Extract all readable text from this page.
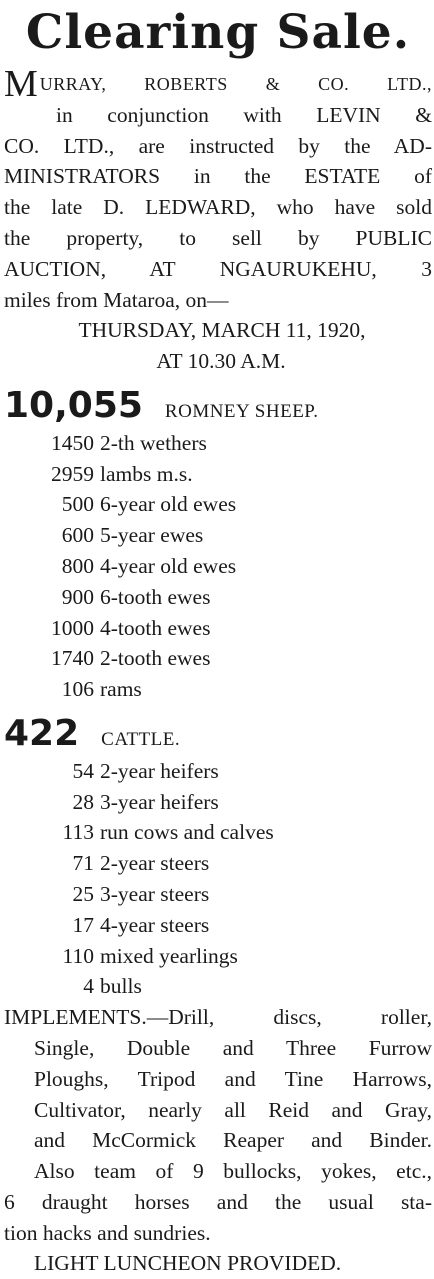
Clearing Sale.

MURRAY, ROBERTS & CO. LTD.,
in conjunction with LEVIN &
CO. LTD., are instructed by the AD-
MINISTRATORS in the ESTATE of
the late D. LEDWARD, who have sold
the property, to sell by PUBLIC
AUCTION, AT NGAURUKEHU, 3
miles from Mataroa, on—

THURSDAY, MARCH 11, 1920,
AT 10.30 A.M.

10,055 ROMNEY SHEEP.
1450 2-th wethers
2959 lambs m.s.
500 6-year old ewes
600 5-year ewes
800 4-year old ewes
900 6-tooth ewes
1000 4-tooth ewes
1740 2-tooth ewes
106 rams
422 CATTLE.
54 2-year heifers
28 3-year heifers
113 run cows and calves
71 2-year steers
25 3-year steers
17 4-year steers
110 mixed yearlings
4 bulls

IMPLEMENTS.—Drill, discs, roller,
Single, Double and Three Furrow
Ploughs, Tripod and Tine Harrows,
Cultivator, nearly all Reid and Gray,
and McCormick Reaper and Binder.
Also team of 9 bullocks, yokes, etc.,
6 draught horses and the usual sta-
tion hacks and sundries.

LIGHT LUNCHEON PROVIDED.
